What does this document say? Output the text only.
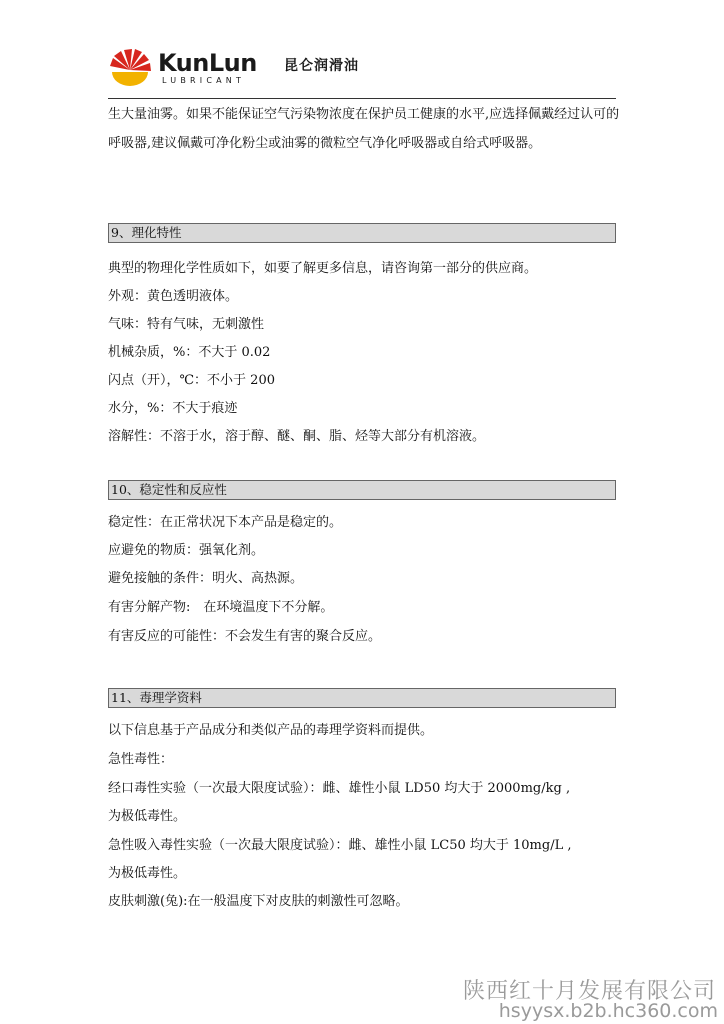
KunLun 昆仑润滑油
LUBRICANT
生大量油雾。如果不能保证空气污染物浓度在保护员工健康的水平,应选择佩戴经过认可的呼吸器,建议佩戴可净化粉尘或油雾的微粒空气净化呼吸器或自给式呼吸器。
9、理化特性
典型的物理化学性质如下，如要了解更多信息，请咨询第一部分的供应商。
外观：黄色透明液体。
气味：特有气味，无刺激性
机械杂质，%：不大于 0.02
闪点（开），℃：不小于 200
水分，%：不大于痕迹
溶解性：不溶于水，溶于醇、醚、酮、脂、烃等大部分有机溶液。
10、稳定性和反应性
稳定性：在正常状况下本产品是稳定的。
应避免的物质：强氧化剂。
避免接触的条件：明火、高热源。
有害分解产物:　在环境温度下不分解。
有害反应的可能性：不会发生有害的聚合反应。
11、毒理学资料
以下信息基于产品成分和类似产品的毒理学资料而提供。
急性毒性：
经口毒性实验（一次最大限度试验）：雌、雄性小鼠 LD50 均大于 2000mg/kg ,
为极低毒性。
急性吸入毒性实验（一次最大限度试验）：雌、雄性小鼠 LC50 均大于 10mg/L ,
为极低毒性。
皮肤刺激(兔):在一般温度下对皮肤的刺激性可忽略。
陕西红十月发展有限公司
hsyysx.b2b.hc360.com
